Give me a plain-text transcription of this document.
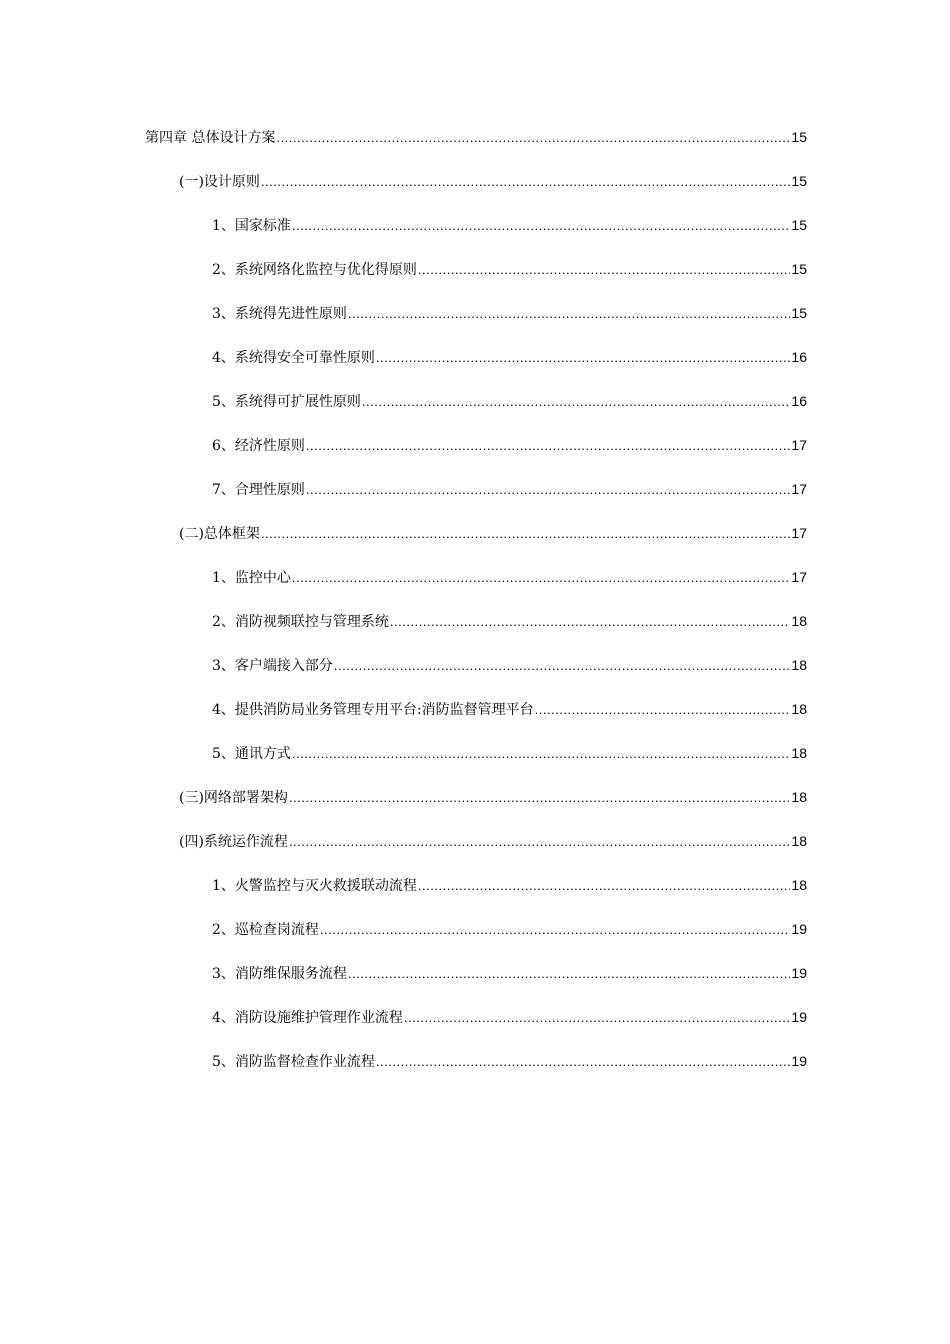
第四章 总体设计方案 .....	15
(一)设计原则 .....	15
1、国家标准 .....	15
2、系统网络化监控与优化得原则 .....	15
3、系统得先进性原则 .....	15
4、系统得安全可靠性原则 .....	16
5、系统得可扩展性原则 .....	16
6、经济性原则 .....	17
7、合理性原则 .....	17
(二)总体框架 .....	17
1、监控中心 .....	17
2、消防视频联控与管理系统 .....	18
3、客户端接入部分 .....	18
4、提供消防局业务管理专用平台:消防监督管理平台 .....	18
5、通讯方式 .....	18
(三)网络部署架构 .....	18
(四)系统运作流程 .....	18
1、火警监控与灭火救援联动流程 .....	18
2、巡检查岗流程 .....	19
3、消防维保服务流程 .....	19
4、消防设施维护管理作业流程 .....	19
5、消防监督检查作业流程 .....	19
